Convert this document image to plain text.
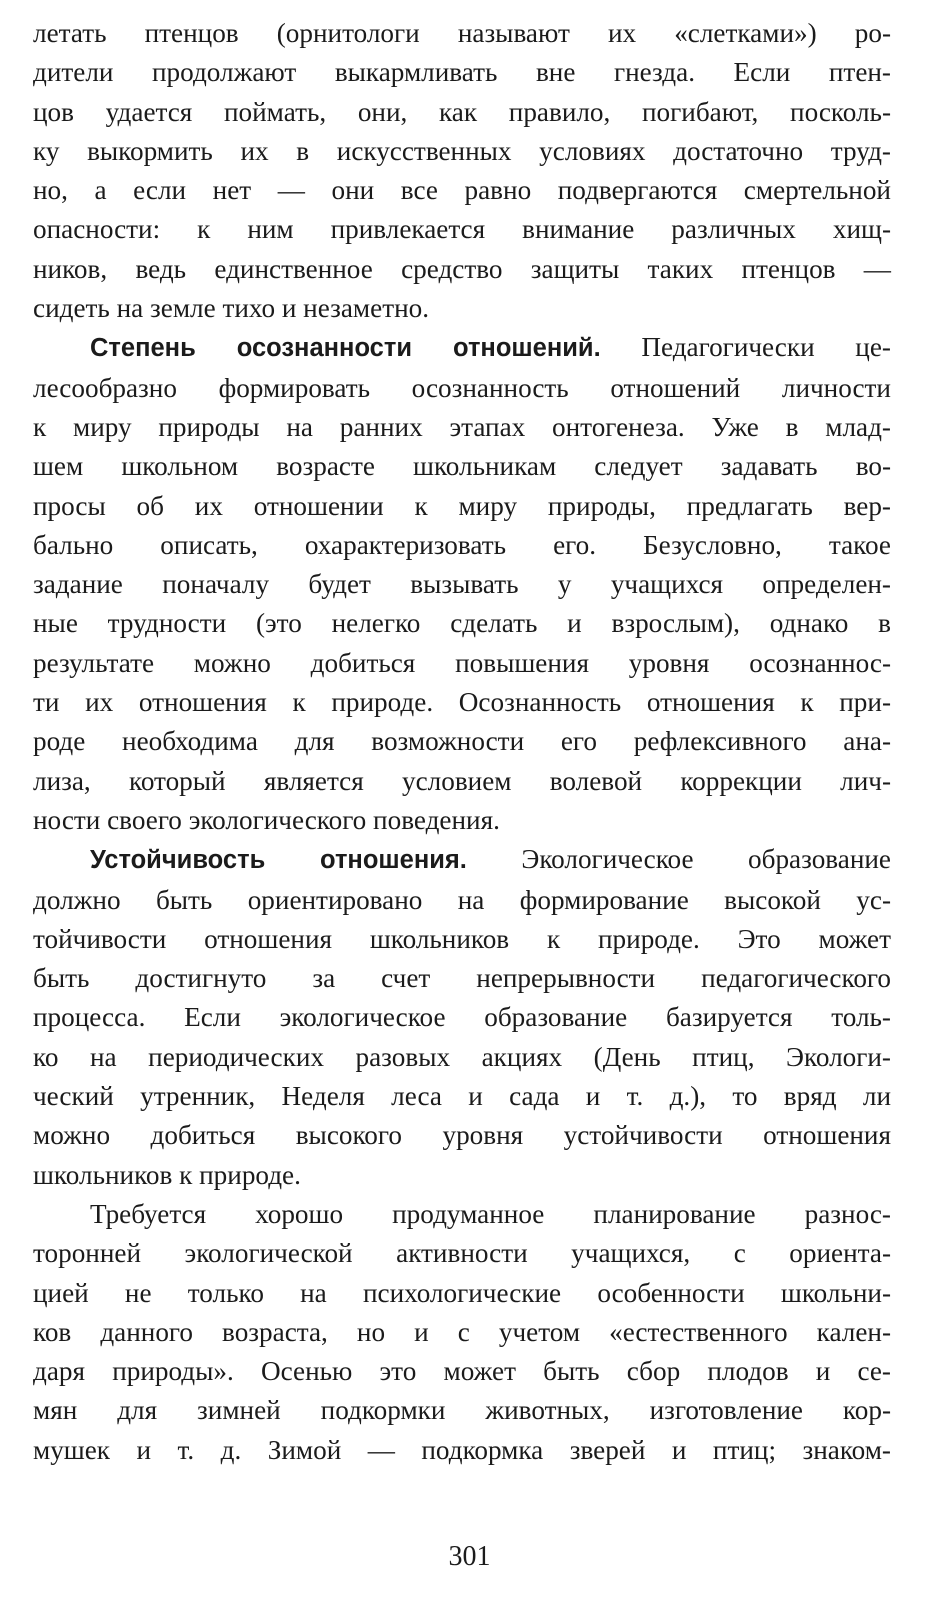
летать птенцов (орнитологи называют их «слетками») ро-
дители продолжают выкармливать вне гнезда. Если птен-
цов удается поймать, они, как правило, погибают, посколь-
ку выкормить их в искусственных условиях достаточно труд-
но, а если нет — они все равно подвергаются смертельной
опасности: к ним привлекается внимание различных хищ-
ников, ведь единственное средство защиты таких птенцов —
сидеть на земле тихо и незаметно.
Степень осознанности отношений. Педагогически це-
лесообразно формировать осознанность отношений личности
к миру природы на ранних этапах онтогенеза. Уже в млад-
шем школьном возрасте школьникам следует задавать во-
просы об их отношении к миру природы, предлагать вер-
бально описать, охарактеризовать его. Безусловно, такое
задание поначалу будет вызывать у учащихся определен-
ные трудности (это нелегко сделать и взрослым), однако в
результате можно добиться повышения уровня осознаннос-
ти их отношения к природе. Осознанность отношения к при-
роде необходима для возможности его рефлексивного ана-
лиза, который является условием волевой коррекции лич-
ности своего экологического поведения.
Устойчивость отношения. Экологическое образование
должно быть ориентировано на формирование высокой ус-
тойчивости отношения школьников к природе. Это может
быть достигнуто за счет непрерывности педагогического
процесса. Если экологическое образование базируется толь-
ко на периодических разовых акциях (День птиц, Экологи-
ческий утренник, Неделя леса и сада и т. д.), то вряд ли
можно добиться высокого уровня устойчивости отношения
школьников к природе.
Требуется хорошо продуманное планирование разнос-
торонней экологической активности учащихся, с ориента-
цией не только на психологические особенности школьни-
ков данного возраста, но и с учетом «естественного кален-
даря природы». Осенью это может быть сбор плодов и се-
мян для зимней подкормки животных, изготовление кор-
мушек и т. д. Зимой — подкормка зверей и птиц; знаком-
301
